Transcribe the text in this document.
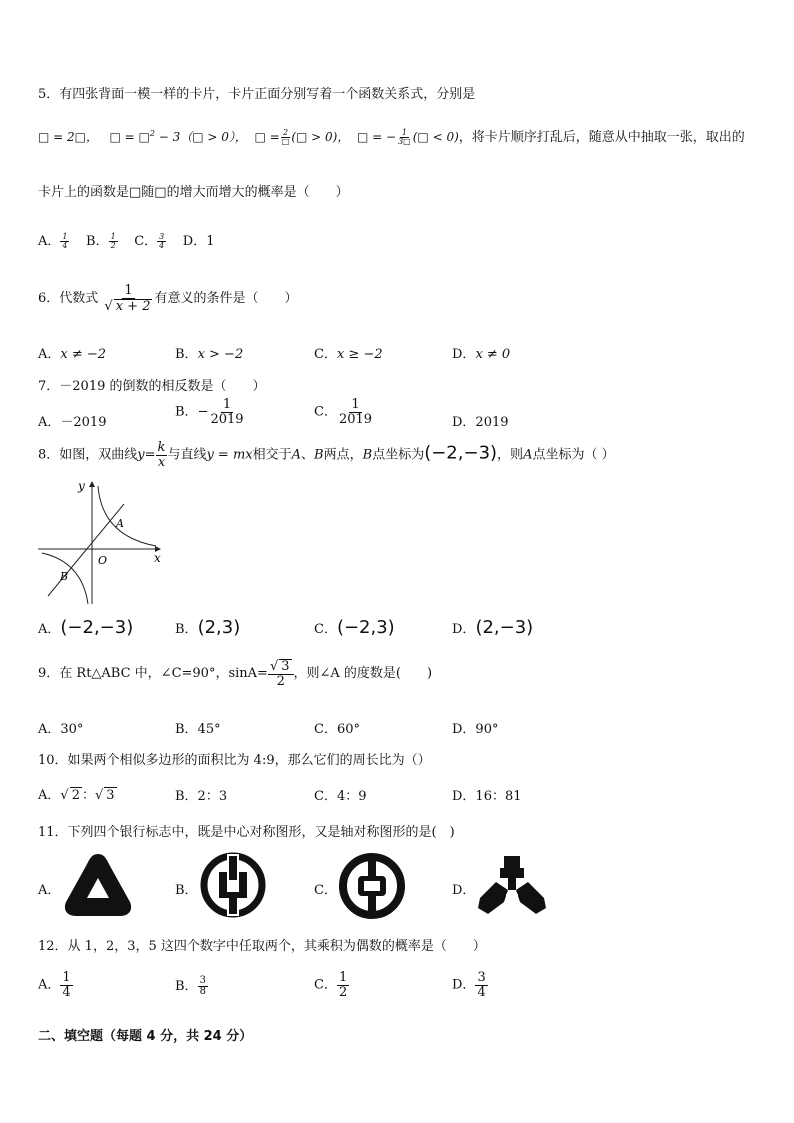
5．有四张背面一模一样的卡片，卡片正面分别写着一个函数关系式，分别是
□ = 2□， □ = □$^2$ − 3（□ > 0）， □ = $\frac{2}{□}$ (□ > 0)， □ = − $\frac{1}{3□}$ (□ < 0)，将卡片顺序打乱后，随意从中抽取一张，取出的
卡片上的函数是□随□的增大而增大的概率是（　　）
A． $\frac{1}{4}$ B． $\frac{1}{2}$ C． $\frac{3}{4}$ D．1
6．代数式 $\frac{1}{√ x + 2}$ 有意义的条件是（　　）
A．x ≠ −2	B．x > −2	C．x ≥ −2	D．x ≠ 0
7．－2019 的倒数的相反数是（　　）
A．－2019
B．− $\frac{1}{2019}$	C． $\frac{1}{2019}$	D．2019
8．如图，双曲线$y= \frac{k}{x}$ 与直线y = mx相交于A、B两点，B点坐标为(−2,−3)，则A点坐标为（ ）
y
x
O
A
B
A．(−2,−3)	B．(2,3)	C．(−2,3)	D．(2,−3)
9．在 Rt△ABC 中，∠C=90°，$\sin A= \frac{√ 3}{2}$ ，则∠A 的度数是(　　)
A．30°	B．45°	C．60°	D．90°
10．如果两个相似多边形的面积比为 4:9，那么它们的周长比为（）
A．√ 2 ：√ 3	B．2：3	C．4：9	D．16：81
11．下列四个银行标志中，既是中心对称图形，又是轴对称图形的是(　)
A．	B．	C．	D．
12．从 1，2，3，5 这四个数字中任取两个，其乘积为偶数的概率是（　　）
A． $\frac{1}{4}$	B． $\frac{3}{8}$	C． $\frac{1}{2}$	D． $\frac{3}{4}$
二、填空题（每题 4 分，共 24 分）
